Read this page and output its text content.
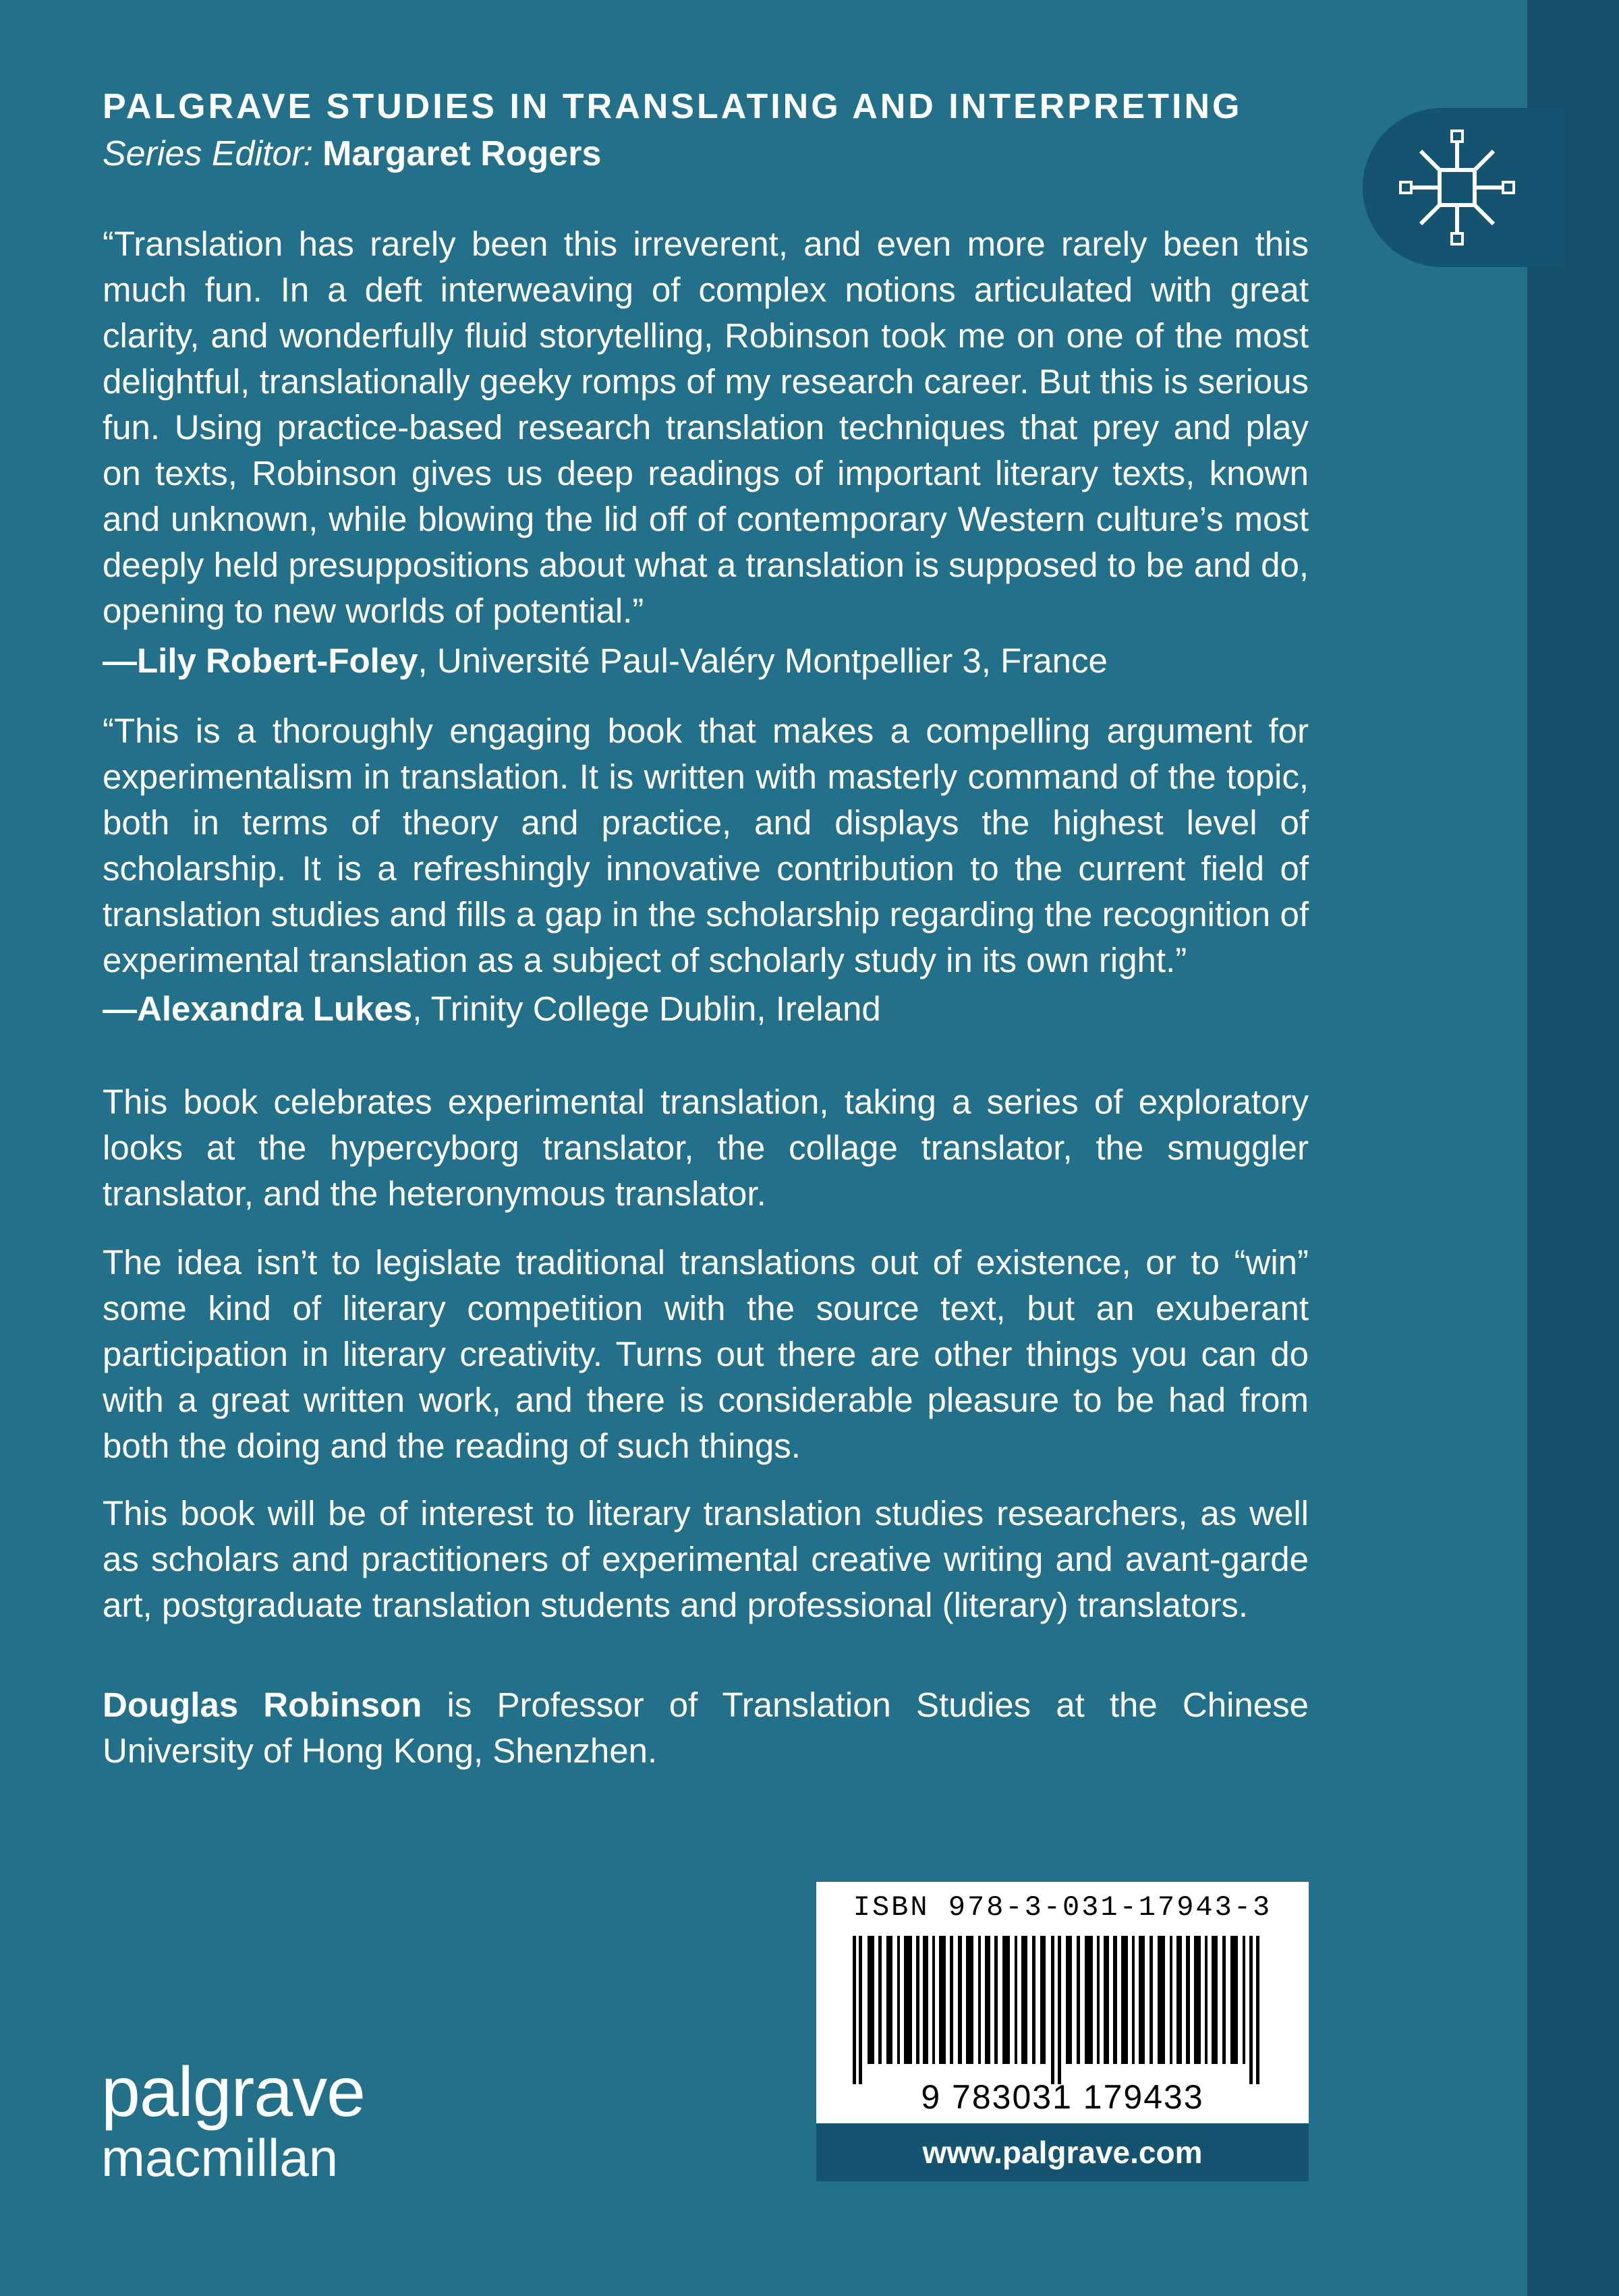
PALGRAVE STUDIES IN TRANSLATING AND INTERPRETING
Series Editor: Margaret Rogers
“Translation has rarely been this irreverent, and even more rarely been this much fun. In a deft interweaving of complex notions articulated with great clarity, and wonderfully fluid storytelling, Robinson took me on one of the most delightful, translationally geeky romps of my research career. But this is serious fun. Using practice-based research translation techniques that prey and play on texts, Robinson gives us deep readings of important literary texts, known and unknown, while blowing the lid off of contemporary Western culture’s most deeply held presuppositions about what a translation is supposed to be and do, opening to new worlds of potential.”
—Lily Robert-Foley, Université Paul-Valéry Montpellier 3, France
“This is a thoroughly engaging book that makes a compelling argument for experimentalism in translation. It is written with masterly command of the topic, both in terms of theory and practice, and displays the highest level of scholarship. It is a refreshingly innovative contribution to the current field of translation studies and fills a gap in the scholarship regarding the recognition of experimental translation as a subject of scholarly study in its own right.”
—Alexandra Lukes, Trinity College Dublin, Ireland
This book celebrates experimental translation, taking a series of exploratory looks at the hypercyborg translator, the collage translator, the smuggler translator, and the heteronymous translator.
The idea isn’t to legislate traditional translations out of existence, or to “win” some kind of literary competition with the source text, but an exuberant participation in literary creativity. Turns out there are other things you can do with a great written work, and there is considerable pleasure to be had from both the doing and the reading of such things.
This book will be of interest to literary translation studies researchers, as well as scholars and practitioners of experimental creative writing and avant-garde art, postgraduate translation students and professional (literary) translators.
Douglas Robinson is Professor of Translation Studies at the Chinese University of Hong Kong, Shenzhen.
ISBN 978-3-031-17943-3
9 783031 179433
www.palgrave.com
palgrave
macmillan
